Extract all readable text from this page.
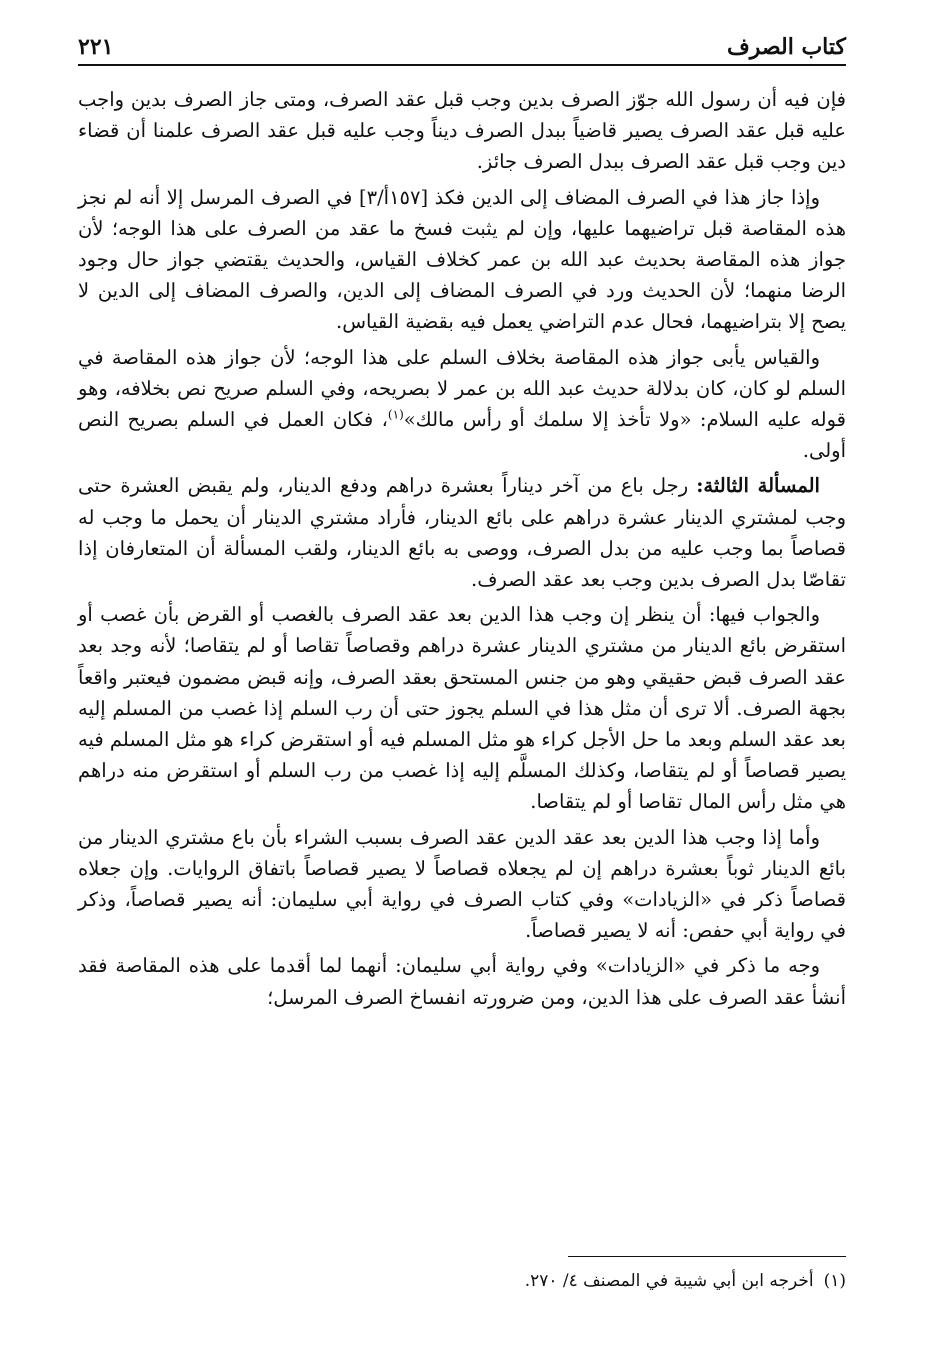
كتاب الصرف
٢٢١

فإن فيه أن رسول الله جوّز الصرف بدين وجب قبل عقد الصرف، ومتى جاز الصرف بدين واجب عليه قبل عقد الصرف يصير قاضياً ببدل الصرف ديناً وجب عليه قبل عقد الصرف علمنا أن قضاء دين وجب قبل عقد الصرف ببدل الصرف جائز.

وإذا جاز هذا في الصرف المضاف إلى الدين فكذ [١٥٧أ/٣] في الصرف المرسل إلا أنه لم نجز هذه المقاصة قبل تراضيهما عليها، وإن لم يثبت فسخ ما عقد من الصرف على هذا الوجه؛ لأن جواز هذه المقاصة بحديث عبد الله بن عمر كخلاف القياس، والحديث يقتضي جواز حال وجود الرضا منهما؛ لأن الحديث ورد في الصرف المضاف إلى الدين، والصرف المضاف إلى الدين لا يصح إلا بتراضيهما، فحال عدم التراضي يعمل فيه بقضية القياس.

والقياس يأبى جواز هذه المقاصة بخلاف السلم على هذا الوجه؛ لأن جواز هذه المقاصة في السلم لو كان، كان بدلالة حديث عبد الله بن عمر لا بصريحه، وفي السلم صريح نص بخلافه، وهو قوله عليه السلام: «ولا تأخذ إلا سلمك أو رأس مالك»$^{(١)}$، فكان العمل في السلم بصريح النص أولى.

المسألة الثالثة: رجل باع من آخر ديناراً بعشرة دراهم ودفع الدينار، ولم يقبض العشرة حتى وجب لمشتري الدينار عشرة دراهم على بائع الدينار، فأراد مشتري الدينار أن يحمل ما وجب له قصاصاً بما وجب عليه من بدل الصرف، ووصى به بائع الدينار، ولقب المسألة أن المتعارفان إذا تقاصّا بدل الصرف بدين وجب بعد عقد الصرف.

والجواب فيها: أن ينظر إن وجب هذا الدين بعد عقد الصرف بالغصب أو القرض بأن غصب أو استقرض بائع الدينار من مشتري الدينار عشرة دراهم وقصاصاً تقاصا أو لم يتقاصا؛ لأنه وجد بعد عقد الصرف قبض حقيقي وهو من جنس المستحق بعقد الصرف، وإنه قبض مضمون فيعتبر واقعاً بجهة الصرف. ألا ترى أن مثل هذا في السلم يجوز حتى أن رب السلم إذا غصب من المسلم إليه بعد عقد السلم وبعد ما حل الأجل كراء هو مثل المسلم فيه أو استقرض كراء هو مثل المسلم فيه يصير قصاصاً أو لم يتقاصا، وكذلك المسلَّم إليه إذا غصب من رب السلم أو استقرض منه دراهم هي مثل رأس المال تقاصا أو لم يتقاصا.

وأما إذا وجب هذا الدين بعد عقد الدين عقد الصرف بسبب الشراء بأن باع مشتري الدينار من بائع الدينار ثوباً بعشرة دراهم إن لم يجعلاه قصاصاً لا يصير قصاصاً باتفاق الروايات. وإن جعلاه قصاصاً ذكر في «الزيادات» وفي كتاب الصرف في رواية أبي سليمان: أنه يصير قصاصاً، وذكر في رواية أبي حفص: أنه لا يصير قصاصاً.

وجه ما ذكر في «الزيادات» وفي رواية أبي سليمان: أنهما لما أقدما على هذه المقاصة فقد أنشأ عقد الصرف على هذا الدين، ومن ضرورته انفساخ الصرف المرسل؛

(١)أخرجه ابن أبي شيبة في المصنف ٤/ ٢٧٠.
